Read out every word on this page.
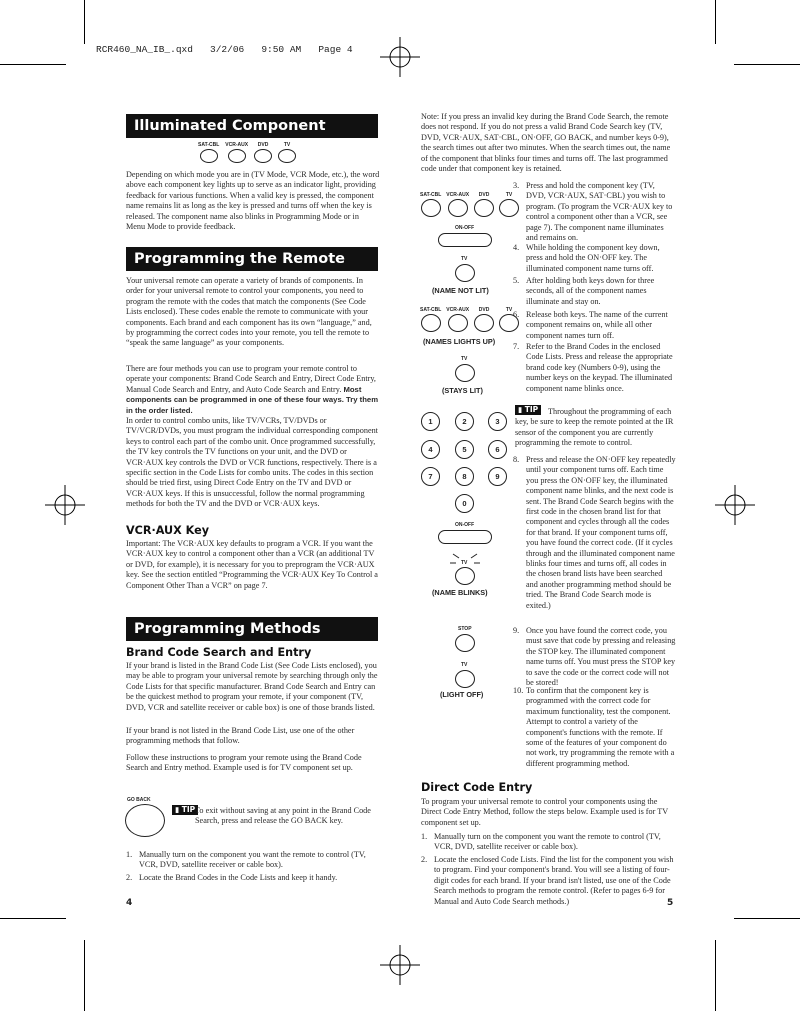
RCR460_NA_IB_.qxd   3/2/06   9:50 AM   Page 4
Illuminated Component Names	SAT-CBL VCR-AUX DVD	TV

Depending on which mode you are in (TV Mode, VCR Mode, etc.), the word above each component key lights up to serve as an indicator light, providing feedback for various functions. When a valid key is pressed, the component name remains lit as long as the key is pressed and turns off when the key is released. The component name also blinks in Programming Mode or in Menu Mode to provide feedback.

Programming the Remote

Your universal remote can operate a variety of brands of components. In order for your universal remote to control your components, you need to program the remote with the codes that match the components (See Code Lists enclosed). These codes enable the remote to communicate with your components. Each brand and each component has its own “language,” and, by programming the correct codes into your remote, you tell the remote to “speak the same language” as your components.

There are four methods you can use to program your remote control to operate your components: Brand Code Search and Entry, Direct Code Entry, Manual Code Search and Entry, and Auto Code Search and Entry. Most components can be programmed in one of these four ways. Try them in the order listed.

In order to control combo units, like TV/VCRs, TV/DVDs or TV/VCR/DVDs, you must program the individual corresponding component keys to control each part of the combo unit. Once programmed successfully, the TV key controls the TV functions on your unit, and the DVD or VCR·AUX key controls the DVD or VCR functions, respectively. There is a specific section in the Code Lists for combo units. The codes in this section should be tried first, using Direct Code Entry on the TV and DVD or VCR·AUX keys. If this is unsuccessful, follow the normal programming methods for both the TV and the DVD or VCR·AUX keys.

VCR·AUX Key

Important: The VCR·AUX key defaults to program a VCR. If you want the VCR·AUX key to control a component other than a VCR (an additional TV or DVD, for example), it is necessary for you to preprogram the VCR·AUX key. See the section entitled “Programming the VCR·AUX Key To Control a Component Other Than a VCR” on page 7.

Programming Methods
Brand Code Search and Entry

If your brand is listed in the Brand Code List (See Code Lists enclosed), you may be able to program your universal remote by searching through only the Code Lists for that specific manufacturer. Brand Code Search and Entry can be the quickest method to program your remote, if your component (TV, DVD, VCR and satellite receiver or cable box) is one of those brands listed.

If your brand is not listed in the Brand Code List, use one of the other programming methods that follow.

Follow these instructions to program your remote using the Brand Code Search and Entry method. Example used is for TV component set up.

GO BACK
▮ TIP To exit without saving at any point in the Brand Code Search, press and release the GO BACK key.

1. Manually turn on the component you want the remote to control (TV, VCR, DVD, satellite receiver or cable box).
2. Locate the Brand Codes in the Code Lists and keep it handy.
4

Note: If you press an invalid key during the Brand Code Search, the remote does not respond. If you do not press a valid Brand Code Search key (TV, DVD, VCR·AUX, SAT·CBL, ON·OFF, GO BACK, and number keys 0-9), the search times out after two minutes. When the search times out, the name of the component that blinks four times and turns off. The last programmed code under that component key is retained.

SAT-CBL VCR-AUX DVD	TV
ON-OFF
TV
(NAME NOT LIT)
SAT-CBL VCR-AUX DVD	TV
(NAMES LIGHTS UP)
TV
(STAYS LIT)
1	2	3
4	5	6
7	8	9
0
ON-OFF
TV
(NAME BLINKS)
STOP
TV
(LIGHT OFF)
3. Press and hold the component key (TV, DVD, VCR·AUX, SAT·CBL) you wish to program. (To program the VCR·AUX key to control a component other than a VCR, see page 7). The component name illuminates and remains on.
4. While holding the component key down, press and hold the ON·OFF key. The illuminated component name turns off.
5. After holding both keys down for three seconds, all of the component names illuminate and stay on.
6. Release both keys. The name of the current component remains on, while all other component names turn off.
7. Refer to the Brand Codes in the enclosed Code Lists. Press and release the appropriate brand code key (Numbers 0-9), using the number keys on the keypad. The illuminated component name blinks once.
▮ TIP	Throughout the programming of each key, be sure to keep the remote pointed at the IR sensor of the component you are currently programming the remote to control.

8. Press and release the ON·OFF key repeatedly until your component turns off. Each time you press the ON·OFF key, the illuminated component name blinks, and the next code is sent. The Brand Code Search begins with the first code in the chosen brand list for that component and cycles through all the codes for that brand. If your component turns off, you have found the correct code. (If it cycles through and the illuminated component name blinks four times and turns off, all codes in the chosen brand lists have been searched and another programming method should be tried. The Brand Code Search mode is exited.)
9. Once you have found the correct code, you must save that code by pressing and releasing the STOP key. The illuminated component name turns off. You must press the STOP key to save the code or the correct code will not be stored!
10. To confirm that the component key is programmed with the correct code for maximum functionality, test the component. Attempt to control a variety of the component's functions with the remote. If some of the features of your component do not work, try programming the remote with a different programming method.
Direct Code Entry

To program your universal remote to control your components using the Direct Code Entry Method, follow the steps below. Example used is for TV component set up.

1. Manually turn on the component you want the remote to control (TV, VCR, DVD, satellite receiver or cable box).
2. Locate the enclosed Code Lists. Find the list for the component you wish to program. Find your component's brand. You will see a listing of four-digit codes for each brand. If your brand isn't listed, use one of the Code Search methods to program the remote control. (Refer to pages 6-9 for Manual and Auto Code Search methods.)	5
